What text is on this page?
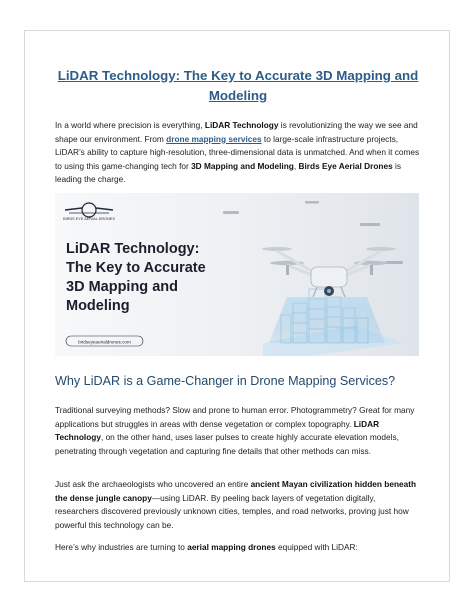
LiDAR Technology: The Key to Accurate 3D Mapping and Modeling

In a world where precision is everything, LiDAR Technology is revolutionizing the way we see and shape our environment. From drone mapping services to large-scale infrastructure projects, LiDAR’s ability to capture high-resolution, three-dimensional data is unmatched. And when it comes to using this game-changing tech for 3D Mapping and Modeling, Birds Eye Aerial Drones is leading the charge.

BIRDS EYE AERIAL DRONES
LiDAR Technology:
The Key to Accurate
3D Mapping and
Modeling
birdseyeaerialdrones.com
Why LiDAR is a Game-Changer in Drone Mapping Services?

Traditional surveying methods? Slow and prone to human error. Photogrammetry? Great for many applications but struggles in areas with dense vegetation or complex topography. LiDAR Technology, on the other hand, uses laser pulses to create highly accurate elevation models, penetrating through vegetation and capturing fine details that other methods can miss.

Just ask the archaeologists who uncovered an entire ancient Mayan civilization hidden beneath the dense jungle canopy—using LiDAR. By peeling back layers of vegetation digitally, researchers discovered previously unknown cities, temples, and road networks, proving just how powerful this technology can be.

Here’s why industries are turning to aerial mapping drones equipped with LiDAR:
